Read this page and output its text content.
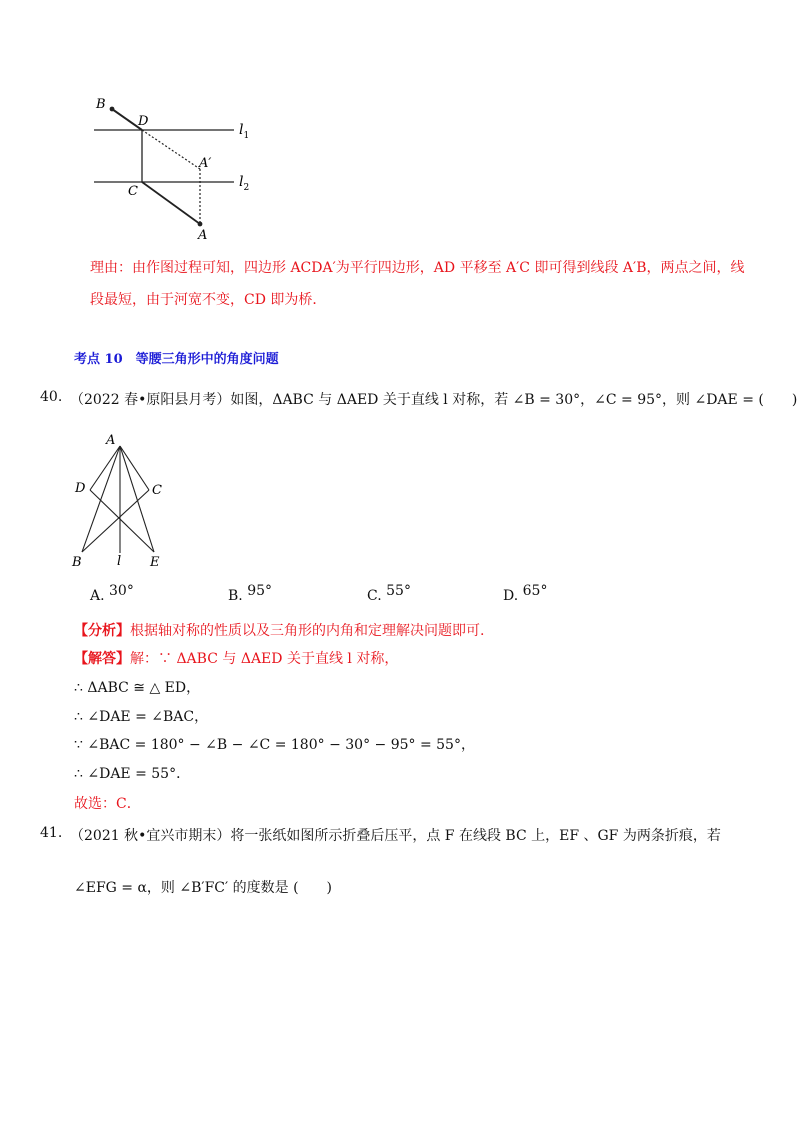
B
D
A′
C
A
$l_1$
$l_2$
理由：由作图过程可知，四边形 ACDA′为平行四边形，AD 平移至 A′C 即可得到线段 A′B，两点之间，线
段最短，由于河宽不变，CD 即为桥．
考点 10　等腰三角形中的角度问题
40. （2022 春•原阳县月考）如图，ΔABC 与 ΔAED 关于直线 l 对称，若 ∠B = 30°，∠C = 95°，则 ∠DAE = (　　)
A
D	C
B	l E
A. 30°	B. 95°	C. 55°	D. 65°
【分析】根据轴对称的性质以及三角形的内角和定理解决问题即可.
【解答】解：∵ ΔABC 与 ΔAED 关于直线 l 对称，
∴ ΔABC ≅ △ ED，
∴ ∠DAE = ∠BAC，
∵ ∠BAC = 180° − ∠B − ∠C = 180° − 30° − 95° = 55°，
∴ ∠DAE = 55°．
故选：C．
41. （2021 秋•宜兴市期末）将一张纸如图所示折叠后压平，点 F 在线段 BC 上，EF 、GF 为两条折痕，若
∠EFG = α，则 ∠B′FC′ 的度数是 (　　)
